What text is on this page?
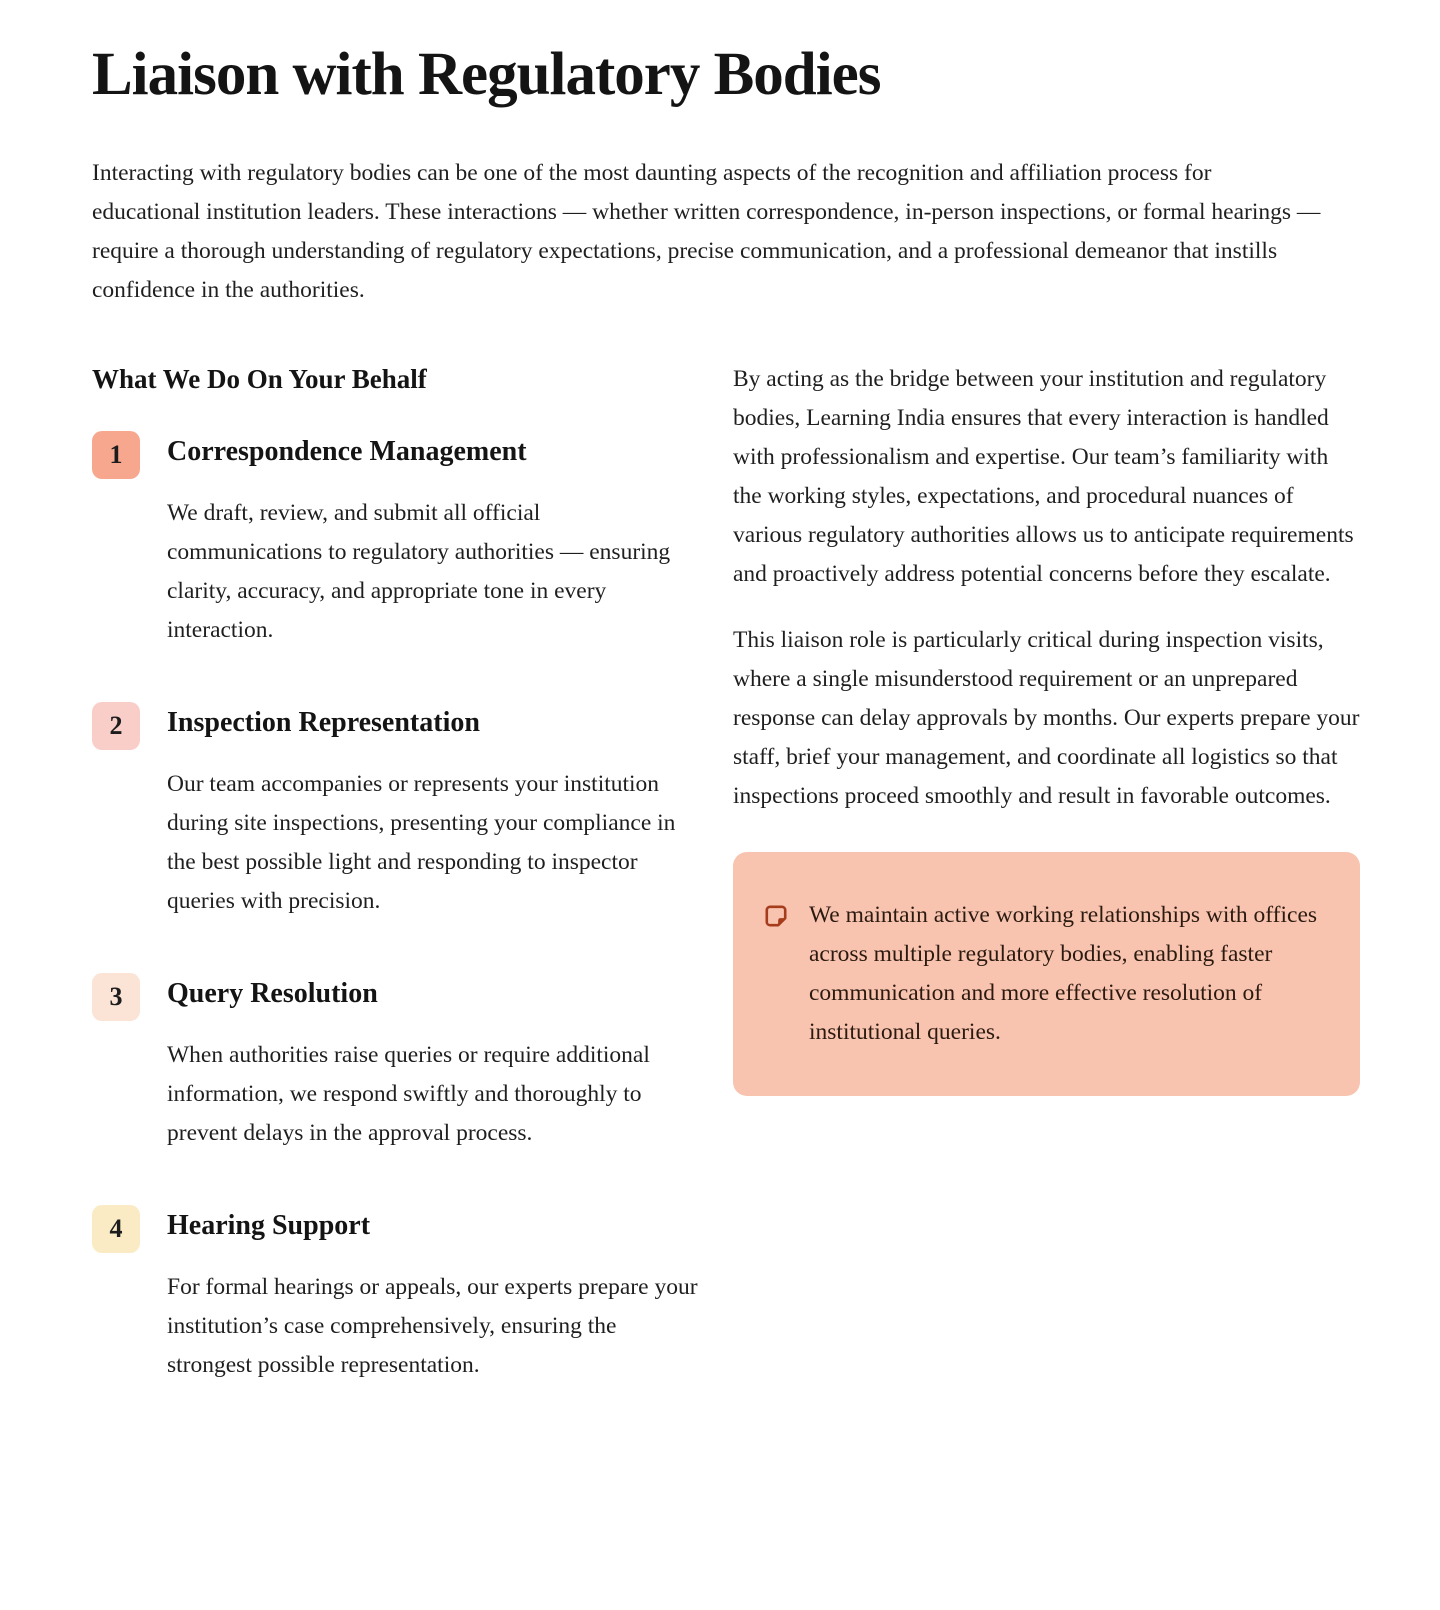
Liaison with Regulatory Bodies

Interacting with regulatory bodies can be one of the most daunting aspects of the recognition and affiliation process for educational institution leaders. These interactions — whether written correspondence, in-person inspections, or formal hearings — require a thorough understanding of regulatory expectations, precise communication, and a professional demeanor that instills confidence in the authorities.

What We Do On Your Behalf
1	Correspondence Management

We draft, review, and submit all official communications to regulatory authorities — ensuring clarity, accuracy, and appropriate tone in every interaction.

2	Inspection Representation

Our team accompanies or represents your institution during site inspections, presenting your compliance in the best possible light and responding to inspector queries with precision.

3	Query Resolution

When authorities raise queries or require additional information, we respond swiftly and thoroughly to prevent delays in the approval process.

4	Hearing Support

For formal hearings or appeals, our experts prepare your institution’s case comprehensively, ensuring the strongest possible representation.

By acting as the bridge between your institution and regulatory bodies, Learning India ensures that every interaction is handled with professionalism and expertise. Our team’s familiarity with the working styles, expectations, and procedural nuances of various regulatory authorities allows us to anticipate requirements and proactively address potential concerns before they escalate.

This liaison role is particularly critical during inspection visits, where a single misunderstood requirement or an unprepared response can delay approvals by months. Our experts prepare your staff, brief your management, and coordinate all logistics so that inspections proceed smoothly and result in favorable outcomes.

We maintain active working relationships with offices across multiple regulatory bodies, enabling faster communication and more effective resolution of institutional queries.
